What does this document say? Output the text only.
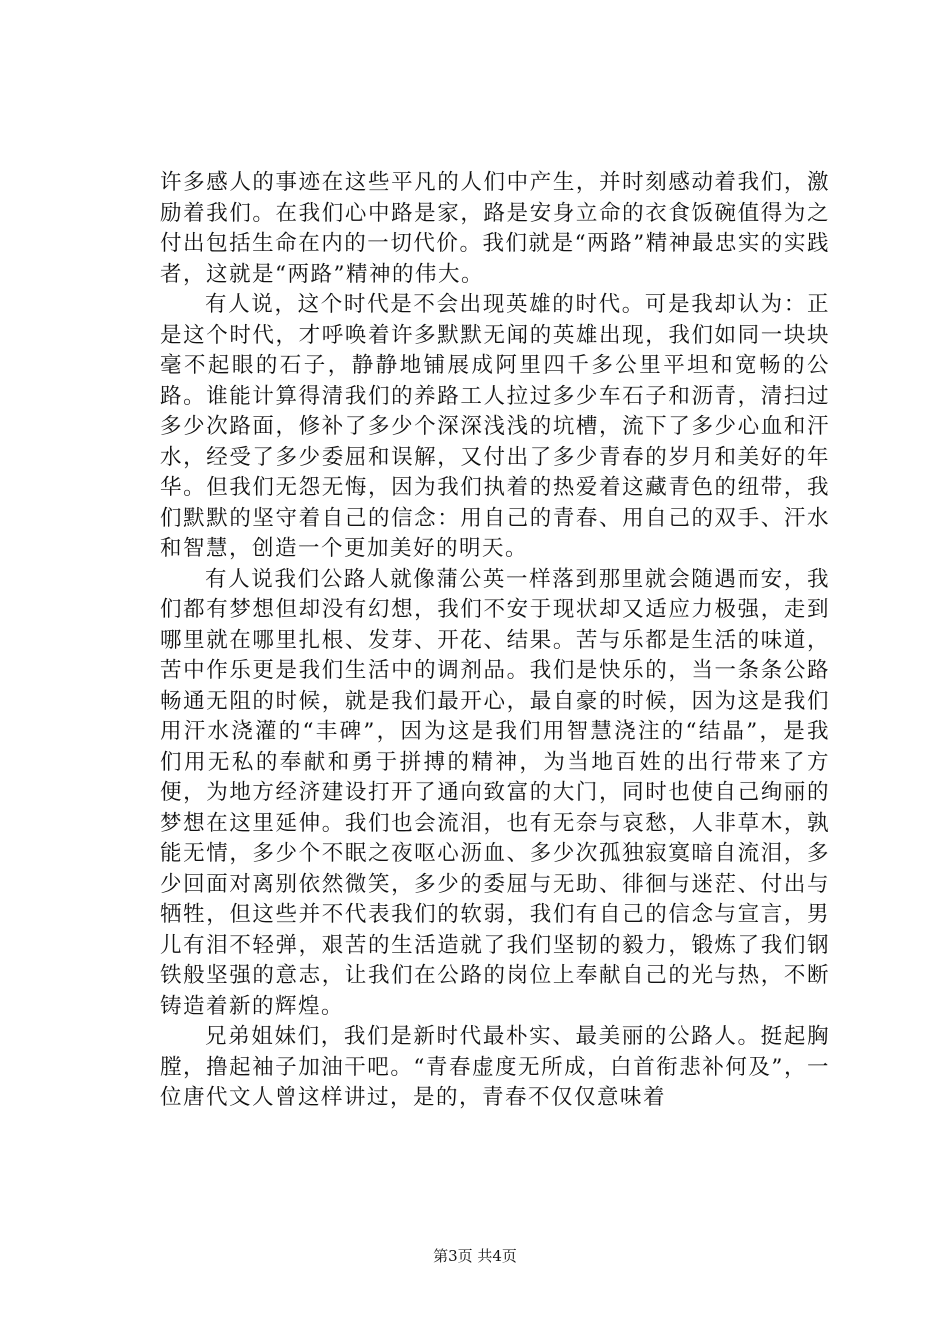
许多感人的事迹在这些平凡的人们中产生，并时刻感动着我们，激励着我们。在我们心中路是家，路是安身立命的衣食饭碗值得为之付出包括生命在内的一切代价。我们就是“两路”精神最忠实的实践者，这就是“两路”精神的伟大。

有人说，这个时代是不会出现英雄的时代。可是我却认为：正是这个时代，才呼唤着许多默默无闻的英雄出现，我们如同一块块毫不起眼的石子，静静地铺展成阿里四千多公里平坦和宽畅的公路。谁能计算得清我们的养路工人拉过多少车石子和沥青，清扫过多少次路面，修补了多少个深深浅浅的坑槽，流下了多少心血和汗水，经受了多少委屈和误解，又付出了多少青春的岁月和美好的年华。但我们无怨无悔，因为我们执着的热爱着这藏青色的纽带，我们默默的坚守着自己的信念：用自己的青春、用自己的双手、汗水和智慧，创造一个更加美好的明天。

有人说我们公路人就像蒲公英一样落到那里就会随遇而安，我们都有梦想但却没有幻想，我们不安于现状却又适应力极强，走到哪里就在哪里扎根、发芽、开花、结果。苦与乐都是生活的味道，苦中作乐更是我们生活中的调剂品。我们是快乐的，当一条条公路畅通无阻的时候，就是我们最开心，最自豪的时候，因为这是我们用汗水浇灌的“丰碑”，因为这是我们用智慧浇注的“结晶”，是我们用无私的奉献和勇于拼搏的精神，为当地百姓的出行带来了方便，为地方经济建设打开了通向致富的大门，同时也使自己绚丽的梦想在这里延伸。我们也会流泪，也有无奈与哀愁，人非草木，孰能无情，多少个不眠之夜呕心沥血、多少次孤独寂寞暗自流泪，多少回面对离别依然微笑，多少的委屈与无助、徘徊与迷茫、付出与牺牲，但这些并不代表我们的软弱，我们有自己的信念与宣言，男儿有泪不轻弹，艰苦的生活造就了我们坚韧的毅力，锻炼了我们钢铁般坚强的意志，让我们在公路的岗位上奉献自己的光与热，不断铸造着新的辉煌。

兄弟姐妹们，我们是新时代最朴实、最美丽的公路人。挺起胸膛，撸起袖子加油干吧。“青春虚度无所成，白首衔悲补何及”，一位唐代文人曾这样讲过，是的，青春不仅仅意味着

第3页 共4页
